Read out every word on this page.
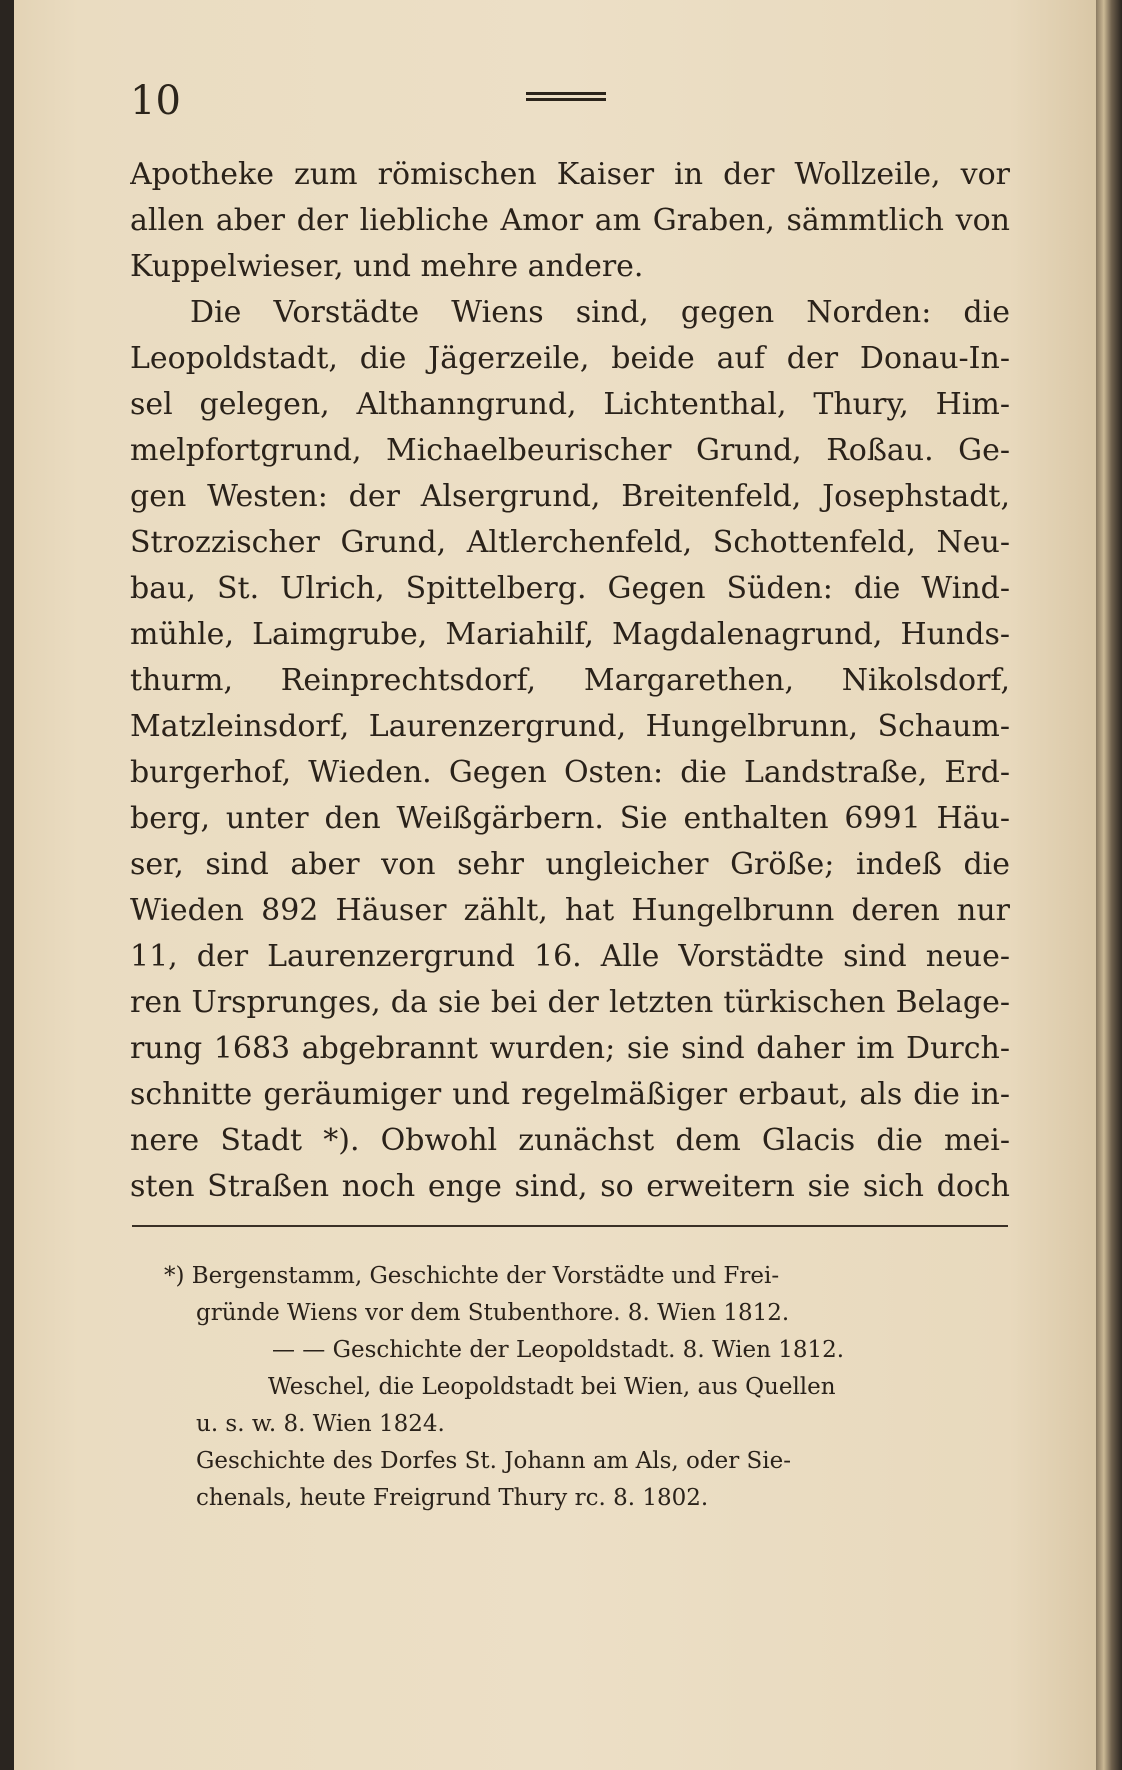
10
Apotheke zum römischen Kaiser in der Wollzeile, vor
allen aber der liebliche Amor am Graben, sämmtlich von
Kuppelwieser, und mehre andere.
Die Vorstädte Wiens sind, gegen Norden: die
Leopoldstadt, die Jägerzeile, beide auf der Donau-In-
sel gelegen, Althanngrund, Lichtenthal, Thury, Him-
melpfortgrund, Michaelbeurischer Grund, Roßau. Ge-
gen Westen: der Alsergrund, Breitenfeld, Josephstadt,
Strozzischer Grund, Altlerchenfeld, Schottenfeld, Neu-
bau, St. Ulrich, Spittelberg. Gegen Süden: die Wind-
mühle, Laimgrube, Mariahilf, Magdalenagrund, Hunds-
thurm, Reinprechtsdorf, Margarethen, Nikolsdorf,
Matzleinsdorf, Laurenzergrund, Hungelbrunn, Schaum-
burgerhof, Wieden. Gegen Osten: die Landstraße, Erd-
berg, unter den Weißgärbern. Sie enthalten 6991 Häu-
ser, sind aber von sehr ungleicher Größe; indeß die
Wieden 892 Häuser zählt, hat Hungelbrunn deren nur
11, der Laurenzergrund 16. Alle Vorstädte sind neue-
ren Ursprunges, da sie bei der letzten türkischen Belage-
rung 1683 abgebrannt wurden; sie sind daher im Durch-
schnitte geräumiger und regelmäßiger erbaut, als die in-
nere Stadt *). Obwohl zunächst dem Glacis die mei-
sten Straßen noch enge sind, so erweitern sie sich doch
*) Bergenstamm, Geschichte der Vorstädte und Frei-
gründe Wiens vor dem Stubenthore. 8. Wien 1812.
— — Geschichte der Leopoldstadt. 8. Wien 1812.
Weschel, die Leopoldstadt bei Wien, aus Quellen
u. s. w. 8. Wien 1824.
Geschichte des Dorfes St. Johann am Als, oder Sie-
chenals, heute Freigrund Thury rc. 8. 1802.
